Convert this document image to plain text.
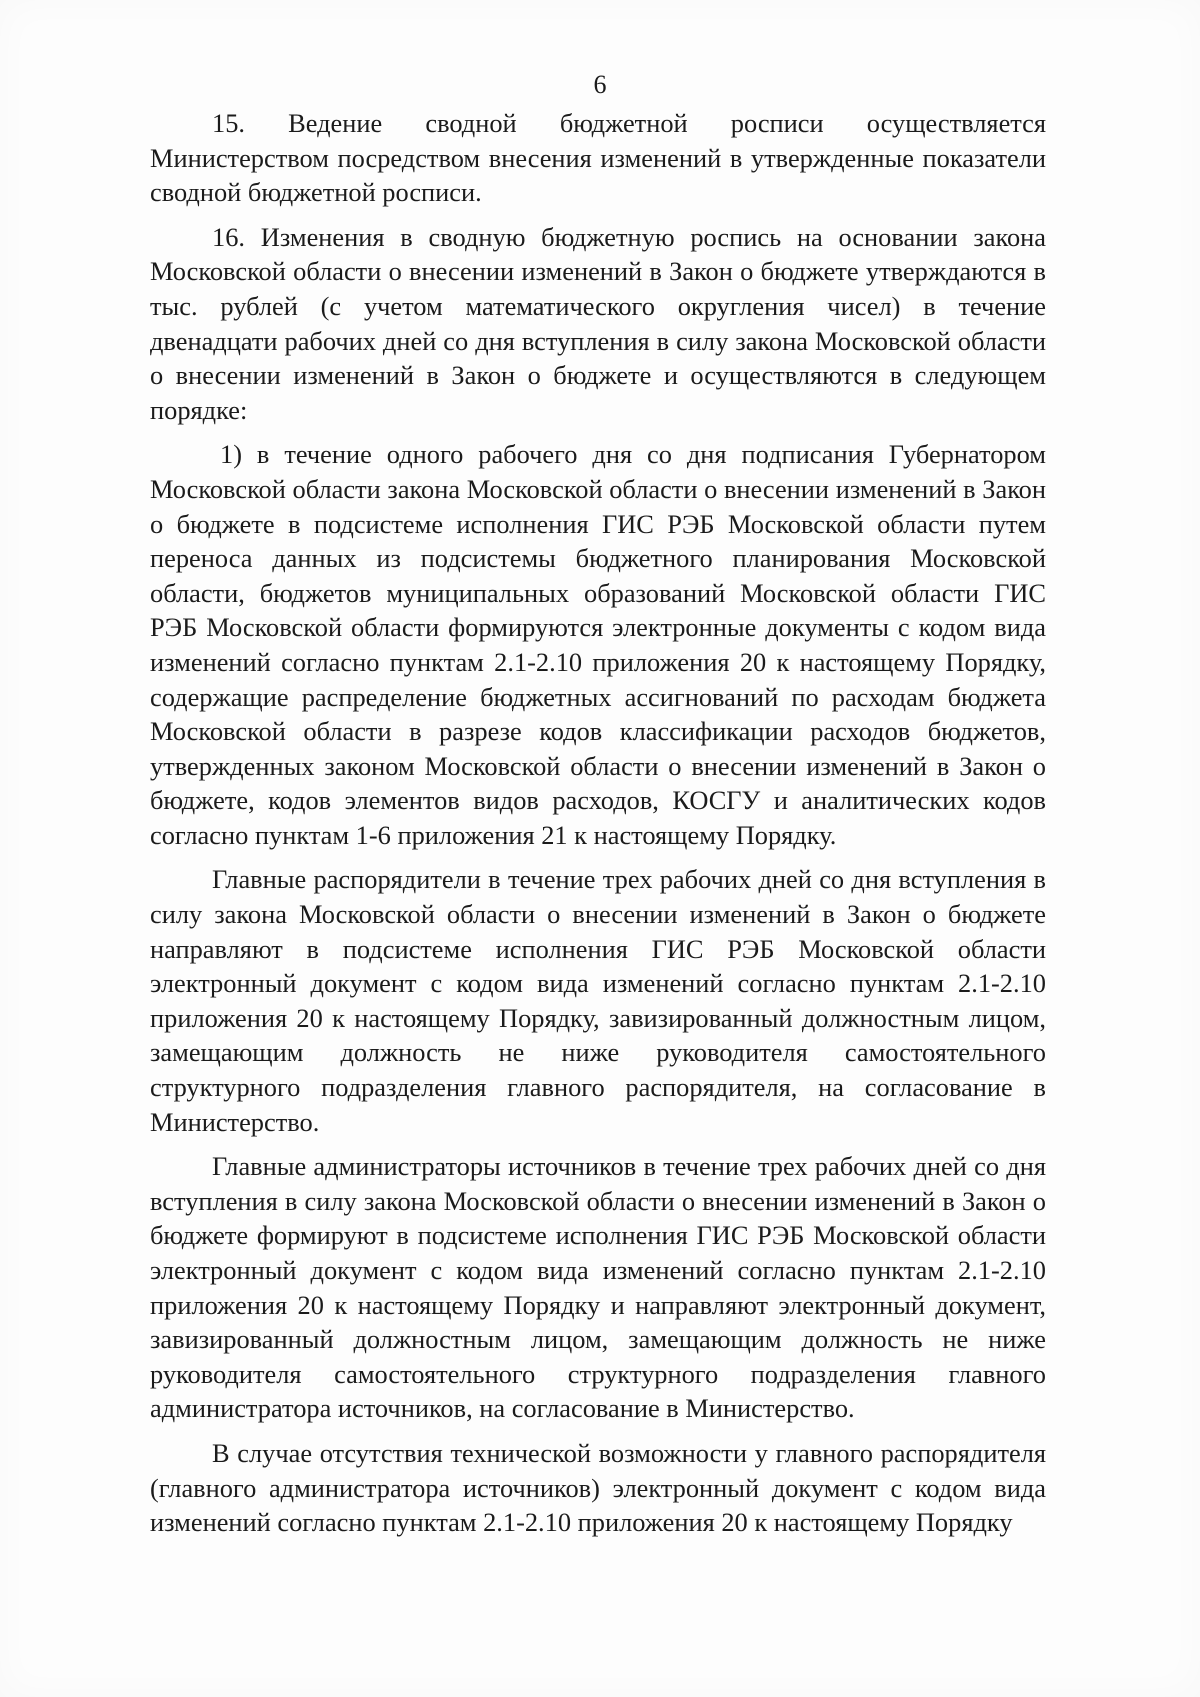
6

15. Ведение сводной бюджетной росписи осуществляется Министерством посредством внесения изменений в утвержденные показатели сводной бюджетной росписи.

16. Изменения в сводную бюджетную роспись на основании закона Московской области о внесении изменений в Закон о бюджете утверждаются в тыс. рублей (с учетом математического округления чисел) в течение двенадцати рабочих дней со дня вступления в силу закона Московской области о внесении изменений в Закон о бюджете и осуществляются в следующем порядке:

1) в течение одного рабочего дня со дня подписания Губернатором Московской области закона Московской области о внесении изменений в Закон о бюджете в подсистеме исполнения ГИС РЭБ Московской области путем переноса данных из подсистемы бюджетного планирования Московской области, бюджетов муниципальных образований Московской области ГИС РЭБ Московской области формируются электронные документы с кодом вида изменений согласно пунктам 2.1-2.10 приложения 20 к настоящему Порядку, содержащие распределение бюджетных ассигнований по расходам бюджета Московской области в разрезе кодов классификации расходов бюджетов, утвержденных законом Московской области о внесении изменений в Закон о бюджете, кодов элементов видов расходов, КОСГУ и аналитических кодов согласно пунктам 1-6 приложения 21 к настоящему Порядку.

Главные распорядители в течение трех рабочих дней со дня вступления в силу закона Московской области о внесении изменений в Закон о бюджете направляют в подсистеме исполнения ГИС РЭБ Московской области электронный документ с кодом вида изменений согласно пунктам 2.1-2.10 приложения 20 к настоящему Порядку, завизированный должностным лицом, замещающим должность не ниже руководителя самостоятельного структурного подразделения главного распорядителя, на согласование в Министерство.

Главные администраторы источников в течение трех рабочих дней со дня вступления в силу закона Московской области о внесении изменений в Закон о бюджете формируют в подсистеме исполнения ГИС РЭБ Московской области электронный документ с кодом вида изменений согласно пунктам 2.1-2.10 приложения 20 к настоящему Порядку и направляют электронный документ, завизированный должностным лицом, замещающим должность не ниже руководителя самостоятельного структурного подразделения главного администратора источников, на согласование в Министерство.

В случае отсутствия технической возможности у главного распорядителя (главного администратора источников) электронный документ с кодом вида изменений согласно пунктам 2.1-2.10 приложения 20 к настоящему Порядку
